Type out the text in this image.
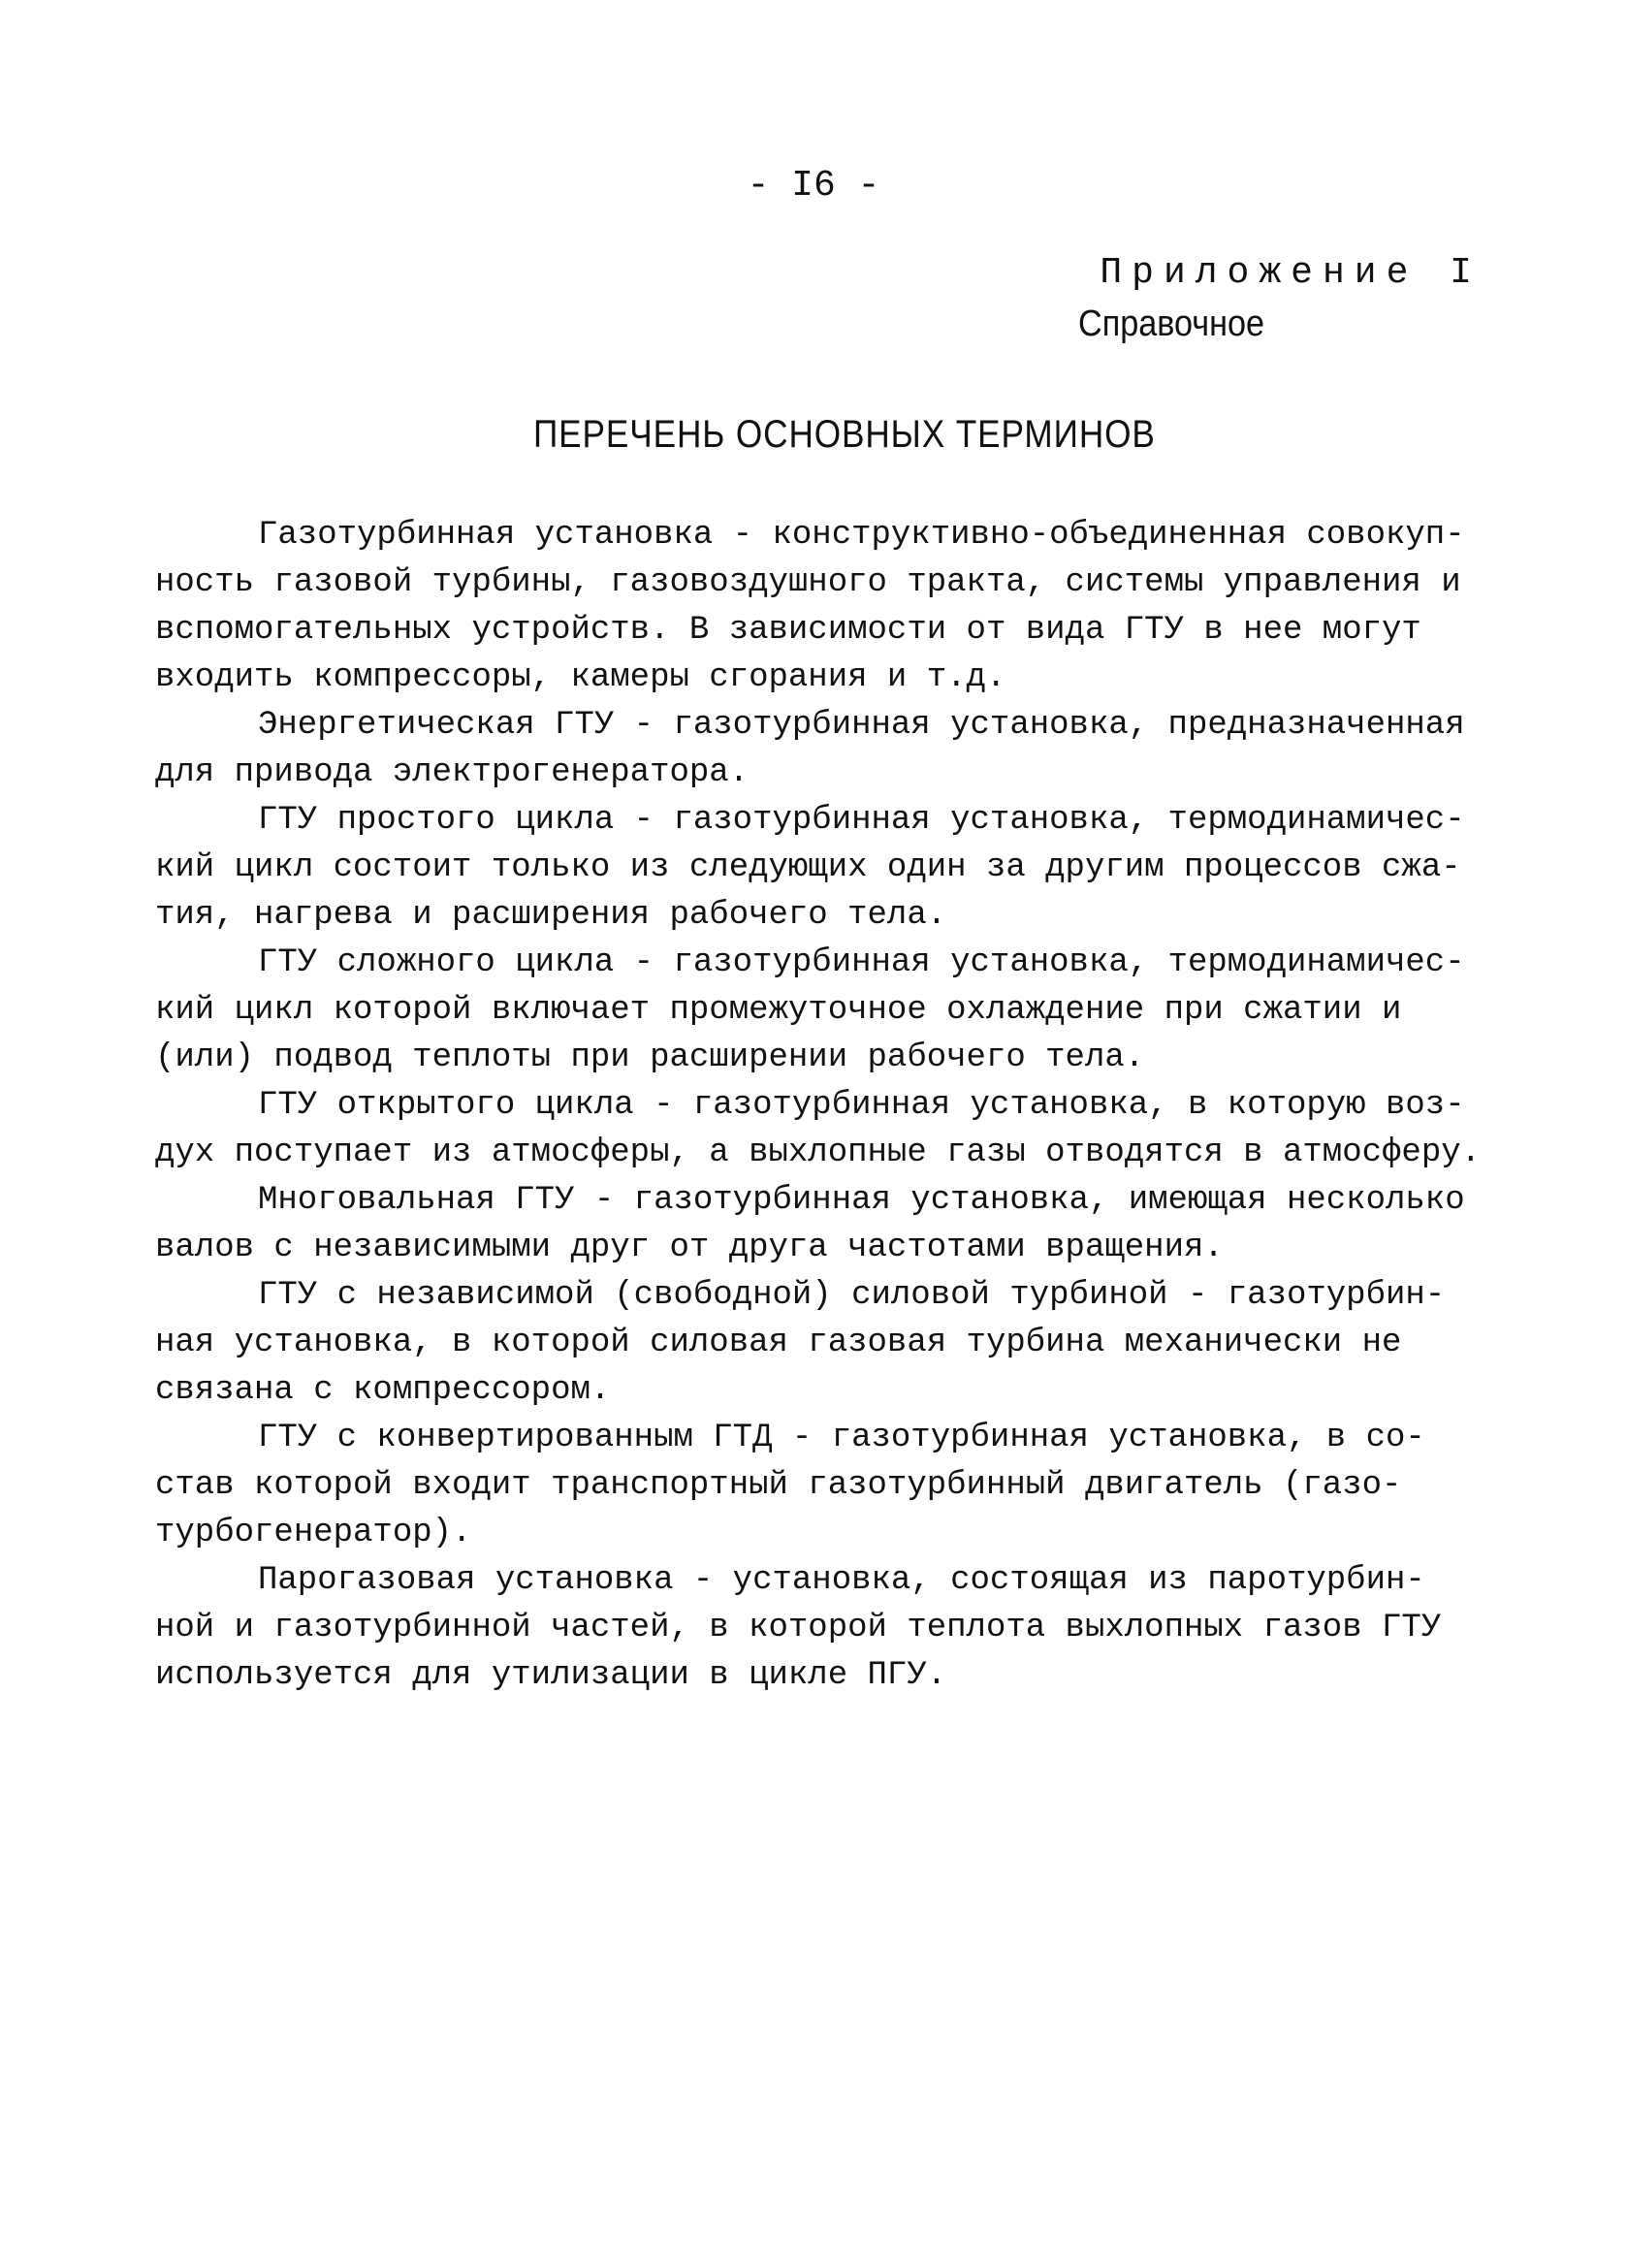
- I6 -
Приложение I
Справочное
ПЕРЕЧЕНЬ ОСНОВНЫХ ТЕРМИНОВ
Газотурбинная установка - конструктивно-объединенная совокуп-
ность газовой турбины, газовоздушного тракта, системы управления и
вспомогательных устройств. В зависимости от вида ГТУ в нее могут
входить компрессоры, камеры сгорания и т.д.
Энергетическая ГТУ - газотурбинная установка, предназначенная
для привода электрогенератора.
ГТУ простого цикла - газотурбинная установка, термодинамичес-
кий цикл состоит только из следующих один за другим процессов сжа-
тия, нагрева и расширения рабочего тела.
ГТУ сложного цикла - газотурбинная установка, термодинамичес-
кий цикл которой включает промежуточное охлаждение при сжатии и
(или) подвод теплоты при расширении рабочего тела.
ГТУ открытого цикла - газотурбинная установка, в которую воз-
дух поступает из атмосферы, а выхлопные газы отводятся в атмосферу.
Многовальная ГТУ - газотурбинная установка, имеющая несколько
валов с независимыми друг от друга частотами вращения.
ГТУ с независимой (свободной) силовой турбиной - газотурбин-
ная установка, в которой силовая газовая турбина механически не
связана с компрессором.
ГТУ с конвертированным ГТД - газотурбинная установка, в со-
став которой входит транспортный газотурбинный двигатель (газо-
турбогенератор).
Парогазовая установка - установка, состоящая из паротурбин-
ной и газотурбинной частей, в которой теплота выхлопных газов ГТУ
используется для утилизации в цикле ПГУ.
